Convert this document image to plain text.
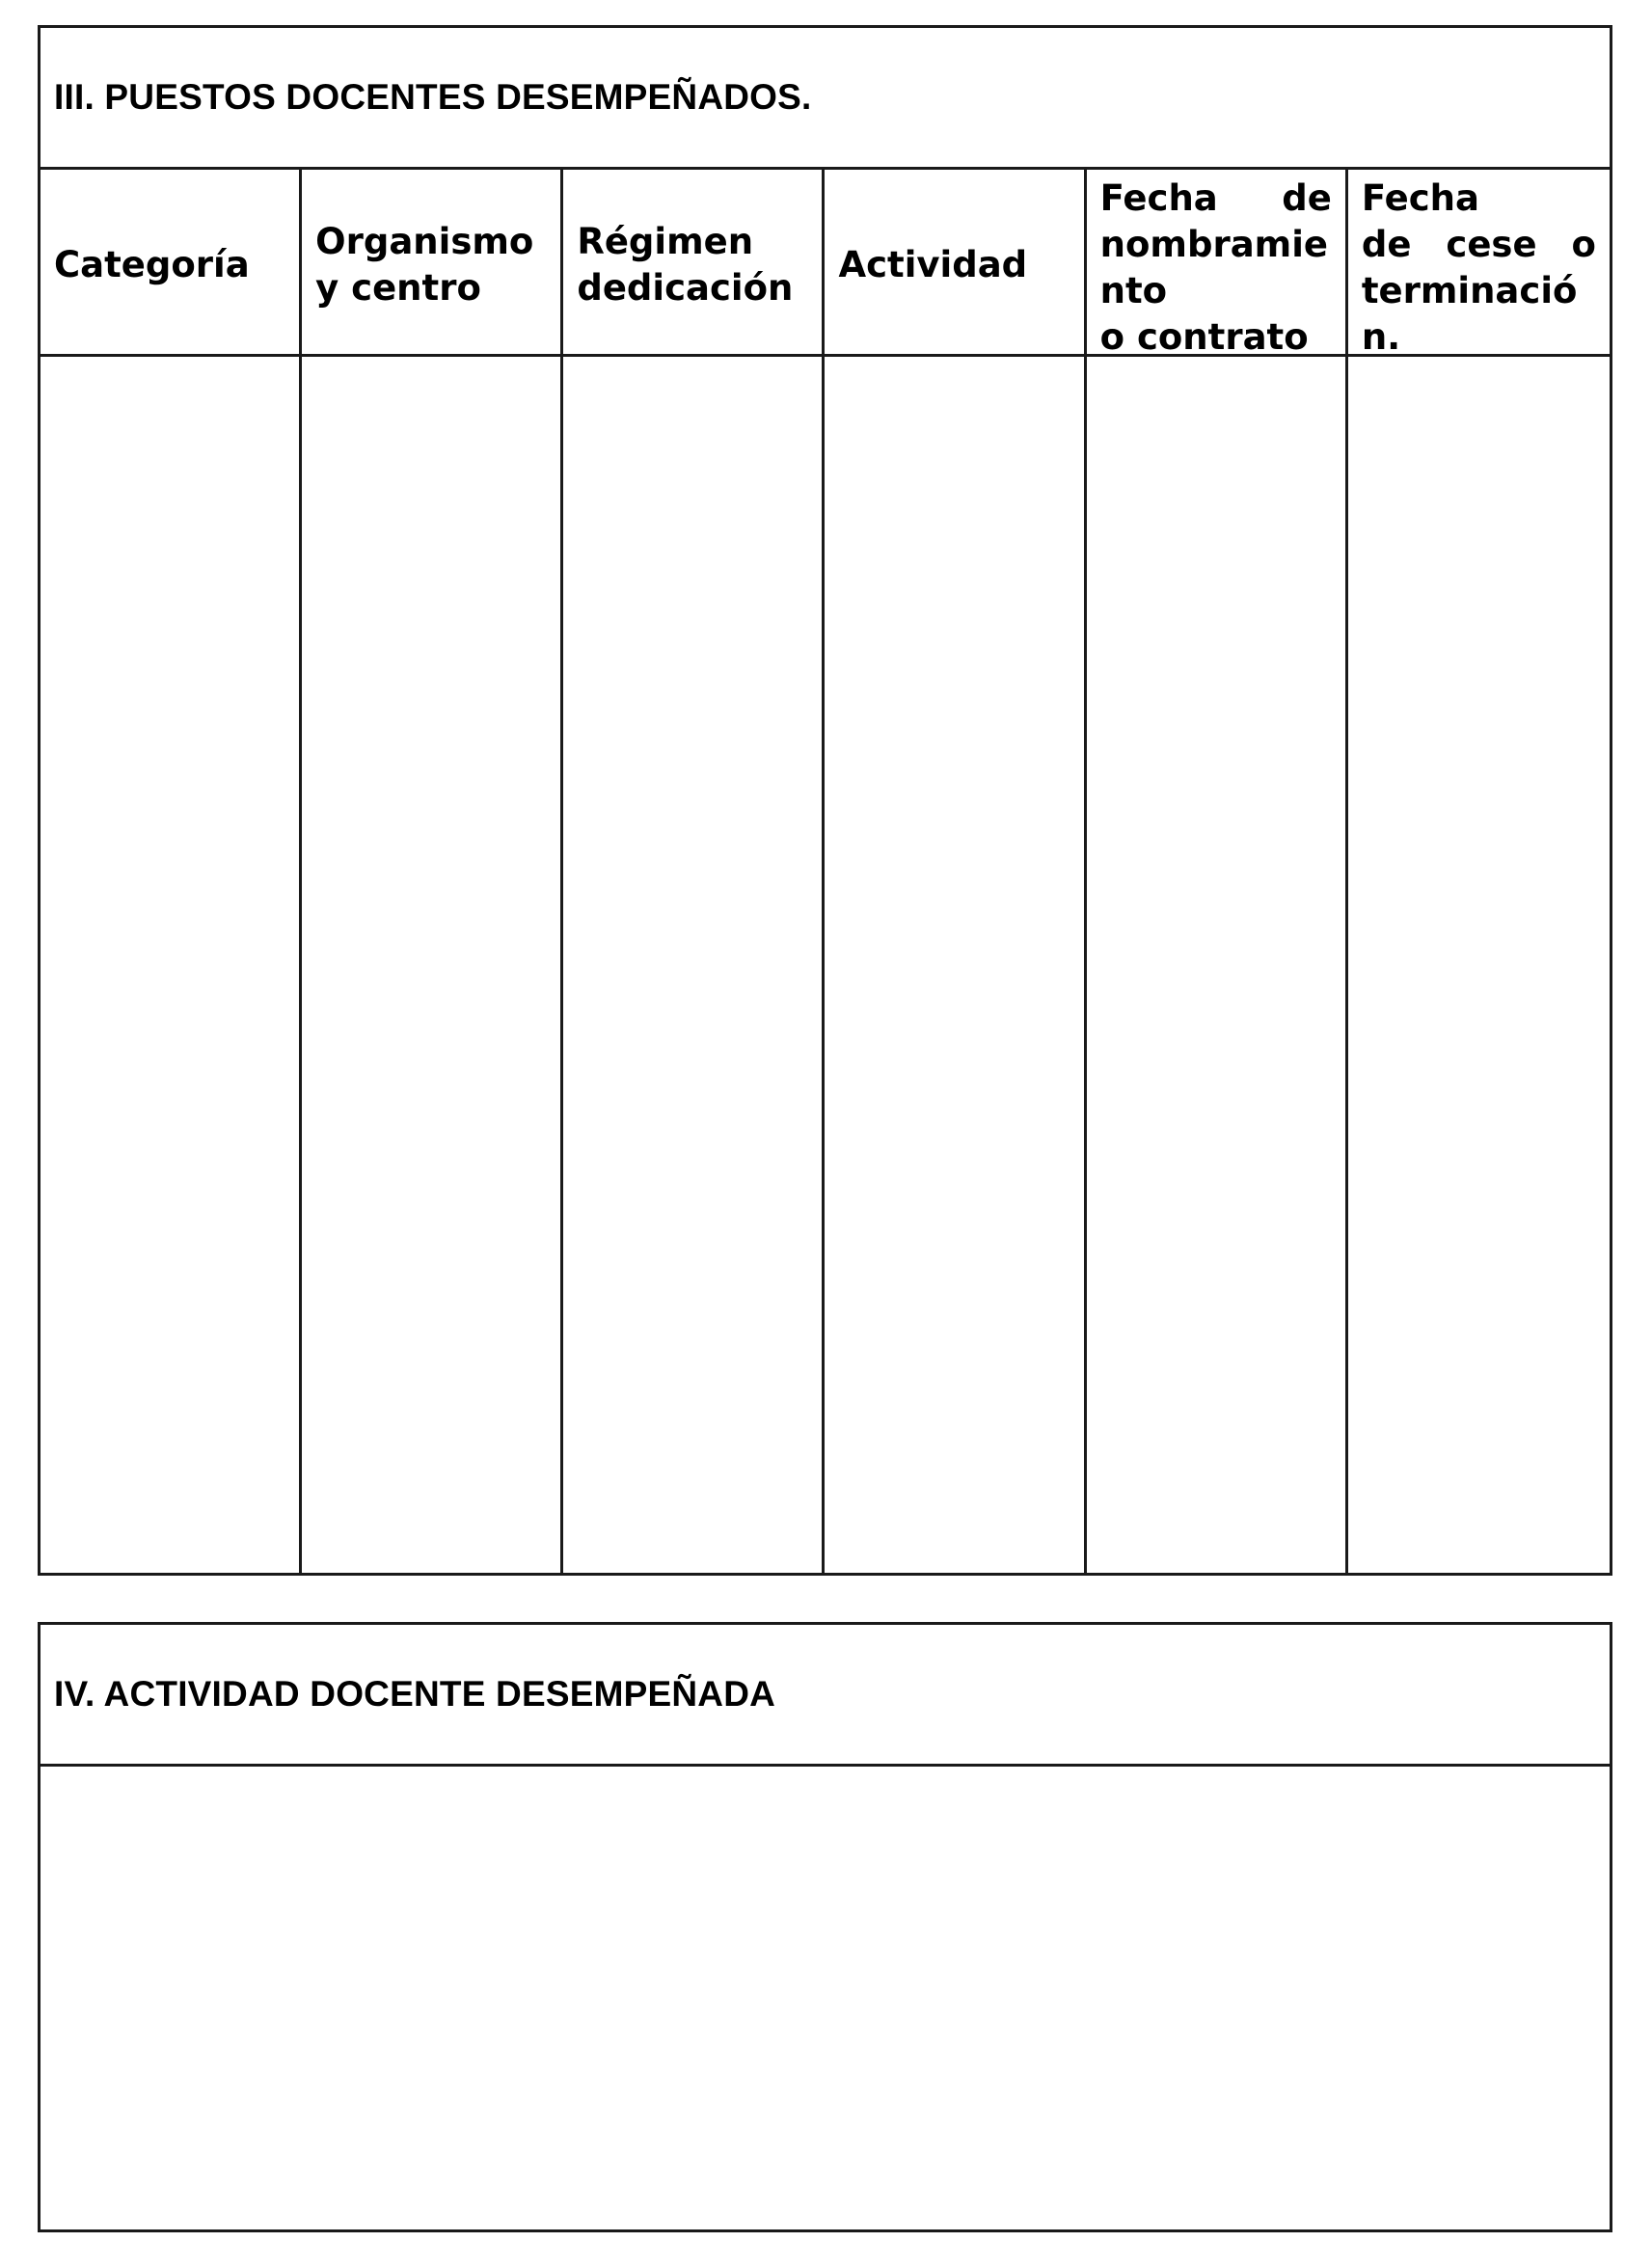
III. PUESTOS DOCENTES DESEMPEÑADOS.
Categoría
Organismo
y centro
Régimen
dedicación
Actividad
Fecha de
nombramie
nto
o contrato
Fecha
de cese o
terminació
n.
IV. ACTIVIDAD DOCENTE DESEMPEÑADA
